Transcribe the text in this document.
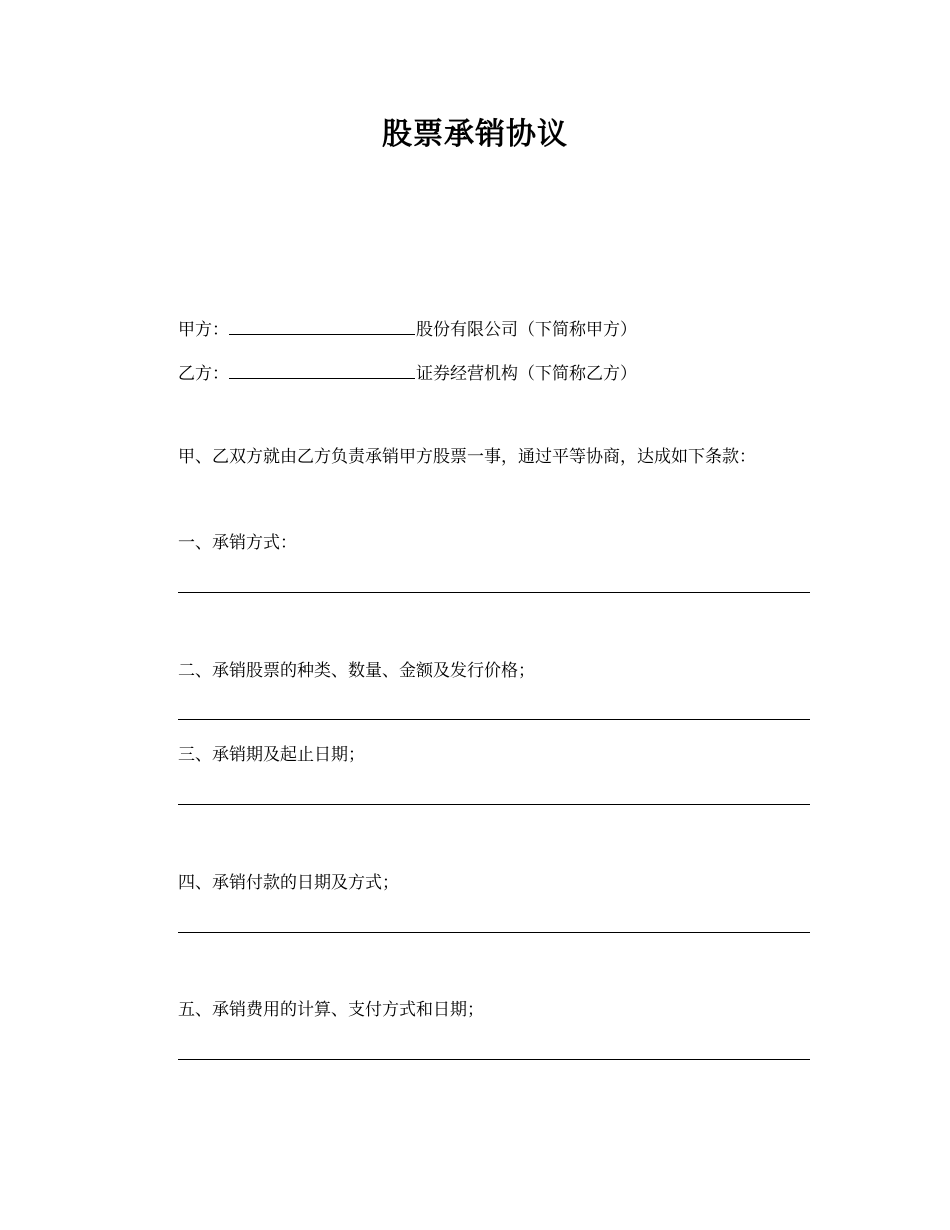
股票承销协议
甲方：	股份有限公司（下简称甲方）
乙方：	证券经营机构（下简称乙方）
甲、乙双方就由乙方负责承销甲方股票一事，通过平等协商，达成如下条款：
一、承销方式：
二、承销股票的种类、数量、金额及发行价格；
三、承销期及起止日期；
四、承销付款的日期及方式；
五、承销费用的计算、支付方式和日期；
